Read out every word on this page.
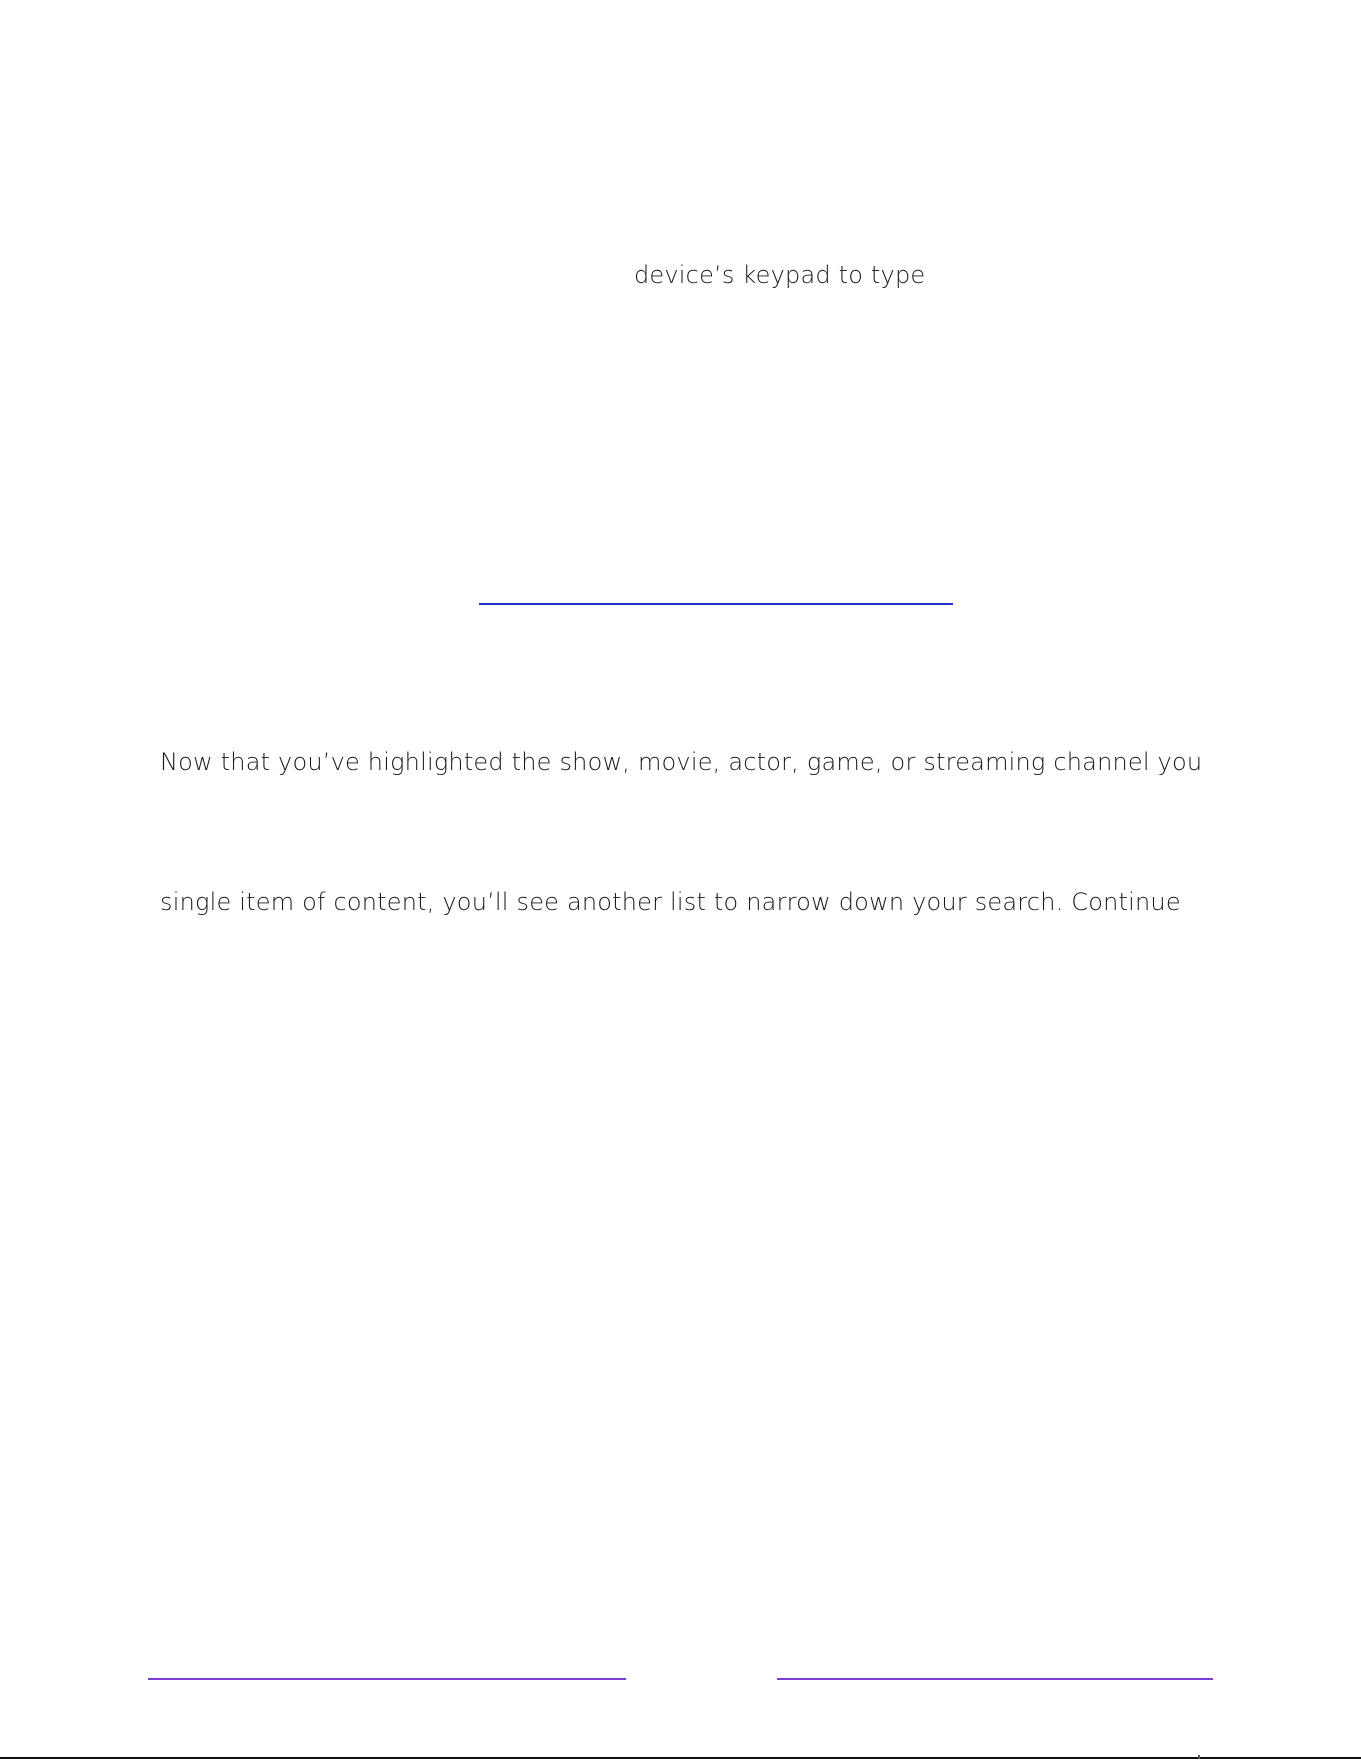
device’s keypad to type
Now that you’ve highlighted the show, movie, actor, game, or streaming channel you
single item of content, you’ll see another list to narrow down your search. Continue
